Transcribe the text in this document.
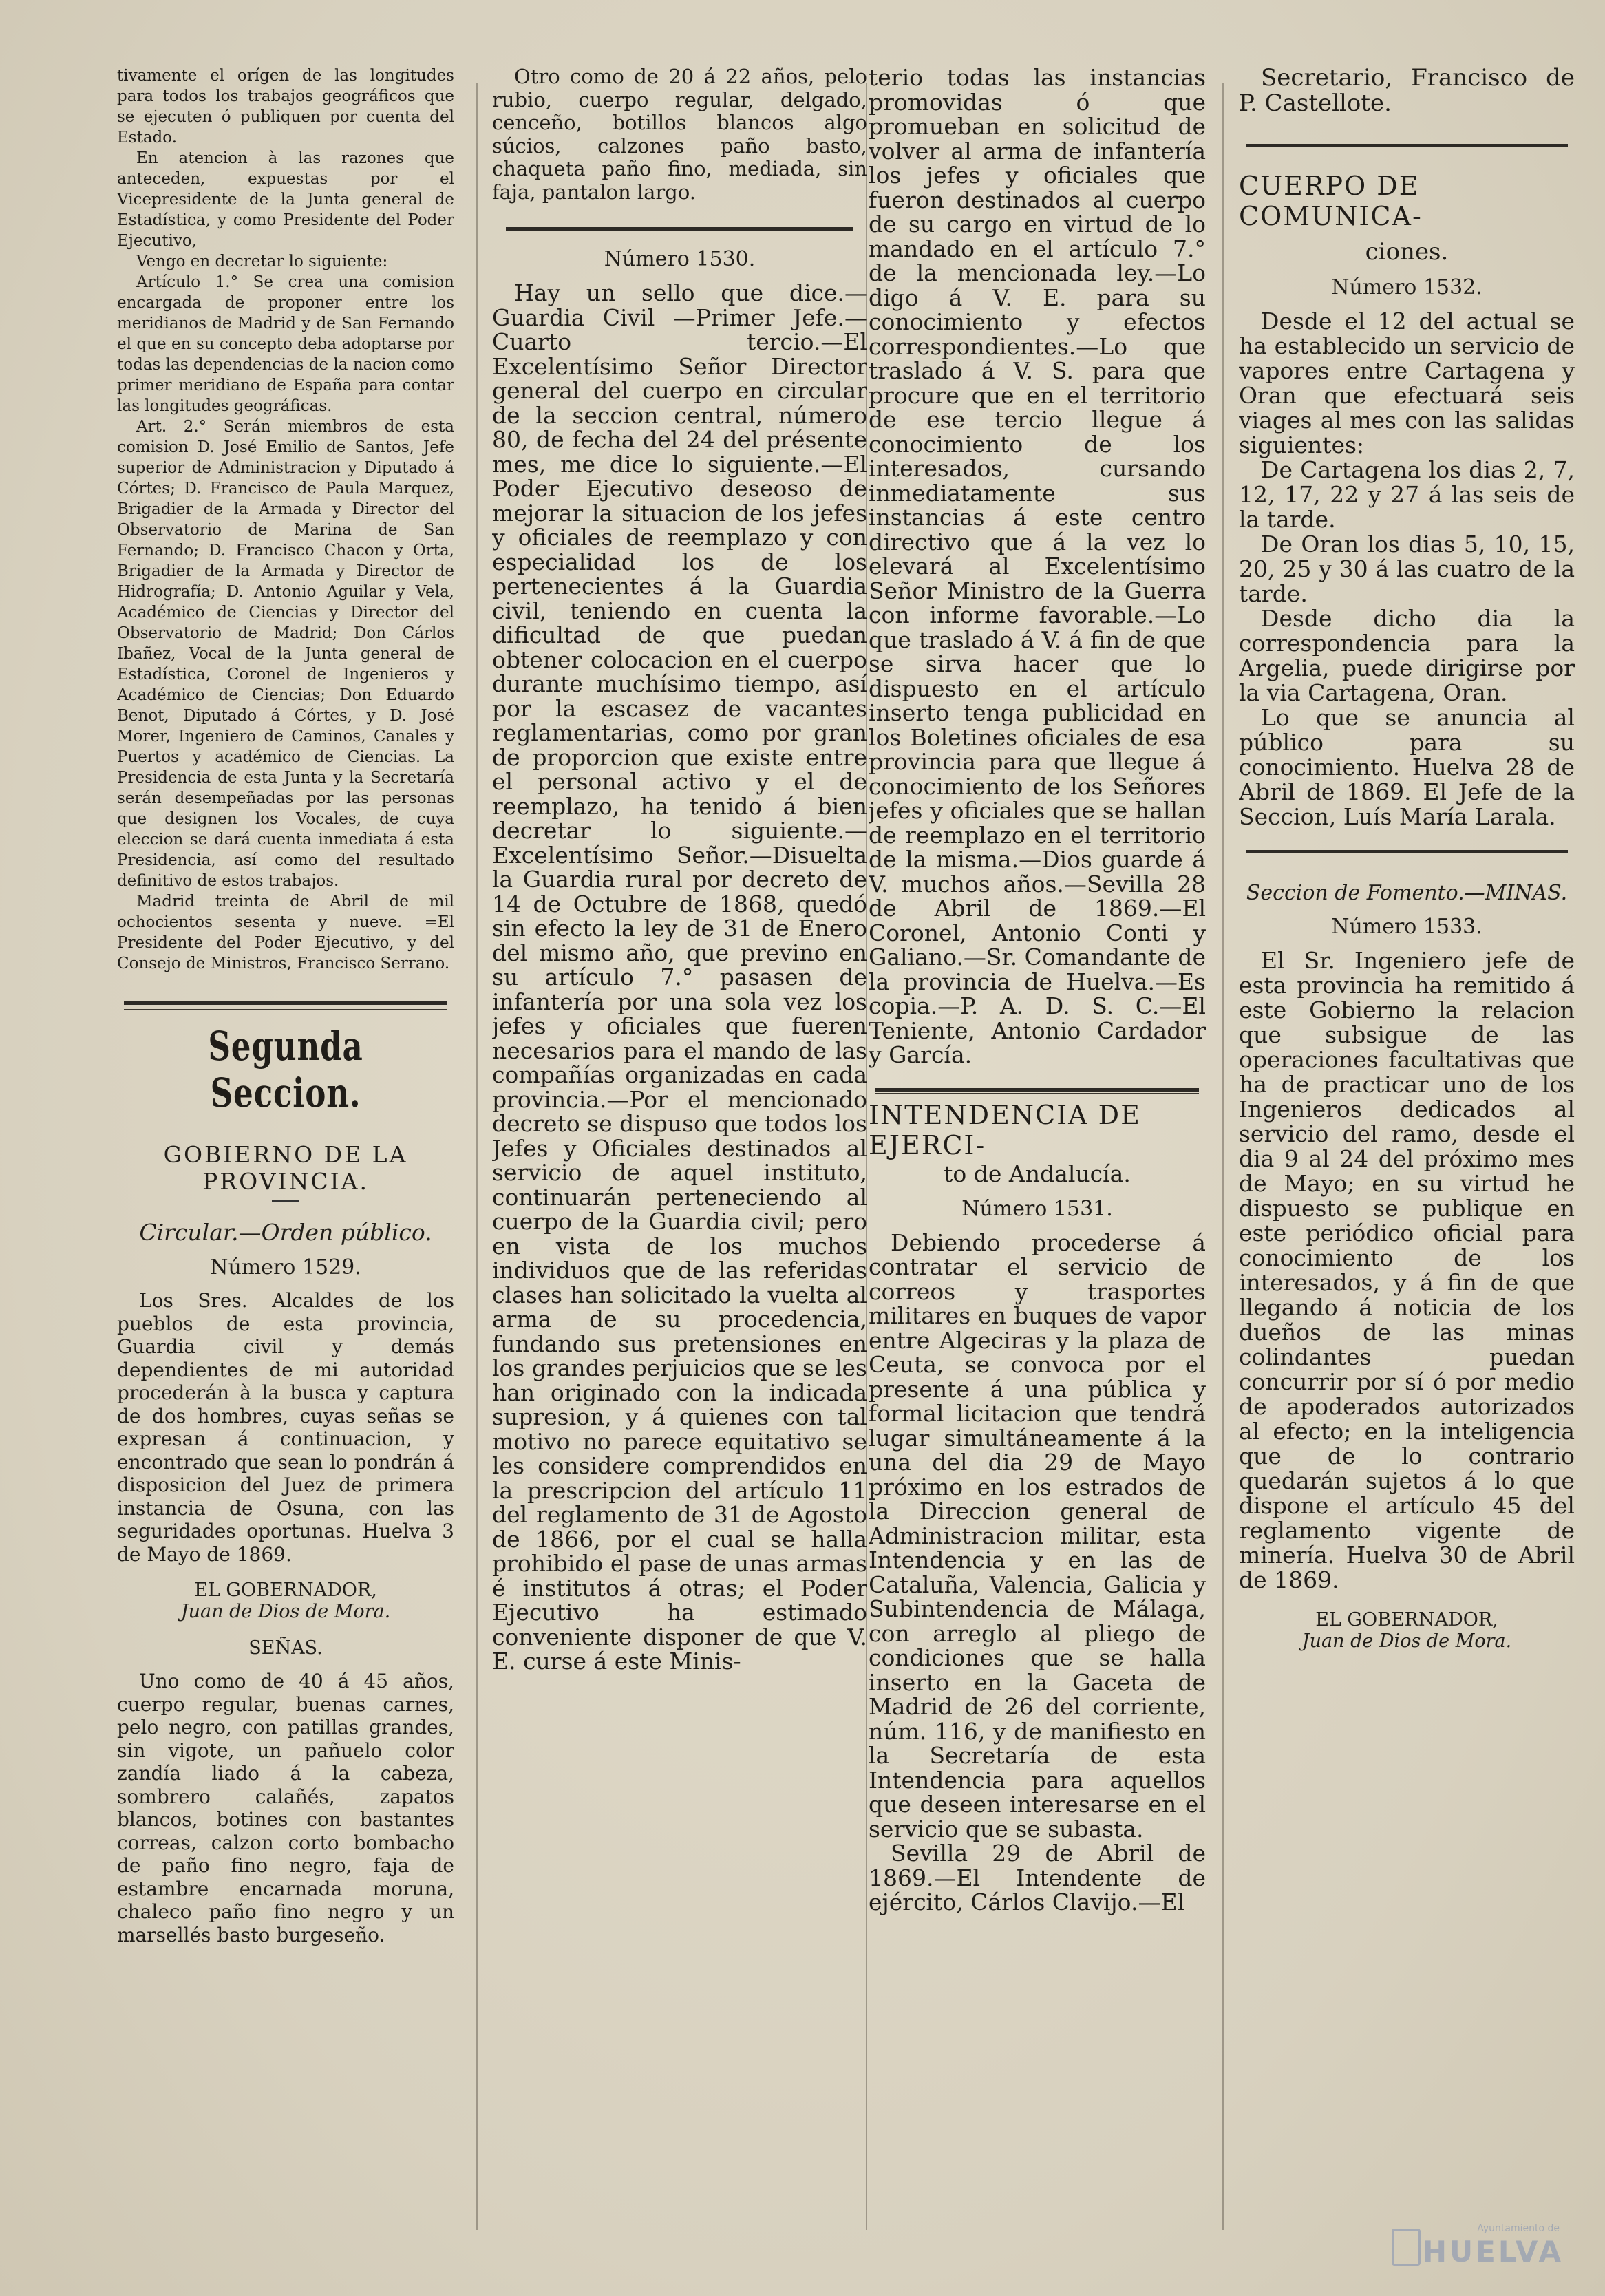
tivamente el orígen de las longitudes para todos los trabajos geográficos que se ejecuten ó publiquen por cuenta del Estado.

En atencion à las razones que anteceden, expuestas por el Vicepresidente de la Junta general de Estadística, y como Presidente del Poder Ejecutivo,

Vengo en decretar lo siguiente:

Artículo 1.° Se crea una comision encargada de proponer entre los meridianos de Madrid y de San Fernando el que en su concepto deba adoptarse por todas las dependencias de la nacion como primer meridiano de España para contar las longitudes geográficas.

Art. 2.° Serán miembros de esta comision D. José Emilio de Santos, Jefe superior de Administracion y Diputado á Córtes; D. Francisco de Paula Marquez, Brigadier de la Armada y Director del Observatorio de Marina de San Fernando; D. Francisco Chacon y Orta, Brigadier de la Armada y Director de Hidrografía; D. Antonio Aguilar y Vela, Académico de Ciencias y Director del Observatorio de Madrid; Don Cárlos Ibañez, Vocal de la Junta general de Estadística, Coronel de Ingenieros y Académico de Ciencias; Don Eduardo Benot, Diputado á Córtes, y D. José Morer, Ingeniero de Caminos, Canales y Puertos y académico de Ciencias. La Presidencia de esta Junta y la Secretaría serán desempeñadas por las personas que designen los Vocales, de cuya eleccion se dará cuenta inmediata á esta Presidencia, así como del resultado definitivo de estos trabajos.

Madrid treinta de Abril de mil ochocientos sesenta y nueve. =El Presidente del Poder Ejecutivo, y del Consejo de Ministros, Francisco Serrano.

Segunda Seccion.
GOBIERNO DE LA PROVINCIA.
Circular.—Orden público.
Número 1529.

Los Sres. Alcaldes de los pueblos de esta provincia, Guardia civil y demás dependientes de mi autoridad procederán à la busca y captura de dos hombres, cuyas señas se expresan á continuacion, y encontrado que sean lo pondrán á disposicion del Juez de primera instancia de Osuna, con las seguridades oportunas. Huelva 3 de Mayo de 1869.

EL GOBERNADOR,
Juan de Dios de Mora.
SEÑAS.

Uno como de 40 á 45 años, cuerpo regular, buenas carnes, pelo negro, con patillas grandes, sin vigote, un pañuelo color zandía liado á la cabeza, sombrero calañés, zapatos blancos, botines con bastantes correas, calzon corto bombacho de paño fino negro, faja de estambre encarnada moruna, chaleco paño fino negro y un marsellés basto burgeseño.

Otro como de 20 á 22 años, pelo rubio, cuerpo regular, delgado, cenceño, botillos blancos algo súcios, calzones paño basto, chaqueta paño fino, mediada, sin faja, pantalon largo.

Número 1530.

Hay un sello que dice.—Guardia Civil —Primer Jefe.—Cuarto tercio.—El Excelentísimo Señor Director general del cuerpo en circular de la seccion central, número 80, de fecha del 24 del présente mes, me dice lo siguiente.—El Poder Ejecutivo deseoso de mejorar la situacion de los jefes y oficiales de reemplazo y con especialidad los de los pertenecientes á la Guardia civil, teniendo en cuenta la dificultad de que puedan obtener colocacion en el cuerpo durante muchísimo tiempo, así por la escasez de vacantes reglamentarias, como por gran de proporcion que existe entre el personal activo y el de reemplazo, ha tenido á bien decretar lo siguiente.—Excelentísimo Señor.—Disuelta la Guardia rural por decreto de 14 de Octubre de 1868, quedó sin efecto la ley de 31 de Enero del mismo año, que previno en su artículo 7.° pasasen de infantería por una sola vez los jefes y oficiales que fueren necesarios para el mando de las compañías organizadas en cada provincia.—Por el mencionado decreto se dispuso que todos los Jefes y Oficiales destinados al servicio de aquel instituto, continuarán perteneciendo al cuerpo de la Guardia civil; pero en vista de los muchos individuos que de las referidas clases han solicitado la vuelta al arma de su procedencia, fundando sus pretensiones en los grandes perjuicios que se les han originado con la indicada supresion, y á quienes con tal motivo no parece equitativo se les considere comprendidos en la prescripcion del artículo 11 del reglamento de 31 de Agosto de 1866, por el cual se halla prohibido el pase de unas armas é institutos á otras; el Poder Ejecutivo ha estimado conveniente disponer de que V. E. curse á este Minis-

terio todas las instancias promovidas ó que promueban en solicitud de volver al arma de infantería los jefes y oficiales que fueron destinados al cuerpo de su cargo en virtud de lo mandado en el artículo 7.° de la mencionada ley.—Lo digo á V. E. para su conocimiento y efectos correspondientes.—Lo que traslado á V. S. para que procure que en el territorio de ese tercio llegue á conocimiento de los interesados, cursando inmediatamente sus instancias á este centro directivo que á la vez lo elevará al Excelentísimo Señor Ministro de la Guerra con informe favorable.—Lo que traslado á V. á fin de que se sirva hacer que lo dispuesto en el artículo inserto tenga publicidad en los Boletines oficiales de esa provincia para que llegue á conocimiento de los Señores jefes y oficiales que se hallan de reemplazo en el territorio de la misma.—Dios guarde á V. muchos años.—Sevilla 28 de Abril de 1869.—El Coronel, Antonio Conti y Galiano.—Sr. Comandante de la provincia de Huelva.—Es copia.—P. A. D. S. C.—El Teniente, Antonio Cardador y García.

INTENDENCIA DE EJERCI-
to de Andalucía.
Número 1531.

Debiendo procederse á contratar el servicio de correos y trasportes militares en buques de vapor entre Algeciras y la plaza de Ceuta, se convoca por el presente á una pública y formal licitacion que tendrá lugar simultáneamente á la una del dia 29 de Mayo próximo en los estrados de la Direccion general de Administracion militar, esta Intendencia y en las de Cataluña, Valencia, Galicia y Subintendencia de Málaga, con arreglo al pliego de condiciones que se halla inserto en la Gaceta de Madrid de 26 del corriente, núm. 116, y de manifiesto en la Secretaría de esta Intendencia para aquellos que deseen interesarse en el servicio que se subasta.

Sevilla 29 de Abril de 1869.—El Intendente de ejército, Cárlos Clavijo.—El

Secretario, Francisco de P. Castellote.

CUERPO DE COMUNICA-
ciones.
Número 1532.

Desde el 12 del actual se ha establecido un servicio de vapores entre Cartagena y Oran que efectuará seis viages al mes con las salidas siguientes:

De Cartagena los dias 2, 7, 12, 17, 22 y 27 á las seis de la tarde.

De Oran los dias 5, 10, 15, 20, 25 y 30 á las cuatro de la tarde.

Desde dicho dia la correspondencia para la Argelia, puede dirigirse por la via Cartagena, Oran.

Lo que se anuncia al público para su conocimiento. Huelva 28 de Abril de 1869. El Jefe de la Seccion, Luís María Larala.

Seccion de Fomento.—MINAS.
Número 1533.

El Sr. Ingeniero jefe de esta provincia ha remitido á este Gobierno la relacion que subsigue de las operaciones facultativas que ha de practicar uno de los Ingenieros dedicados al servicio del ramo, desde el dia 9 al 24 del próximo mes de Mayo; en su virtud he dispuesto se publique en este periódico oficial para conocimiento de los interesados, y á fin de que llegando á noticia de los dueños de las minas colindantes puedan concurrir por sí ó por medio de apoderados autorizados al efecto; en la inteligencia que de lo contrario quedarán sujetos á lo que dispone el artículo 45 del reglamento vigente de minería. Huelva 30 de Abril de 1869.

EL GOBERNADOR,
Juan de Dios de Mora.
Ayuntamiento de
HUELVA
